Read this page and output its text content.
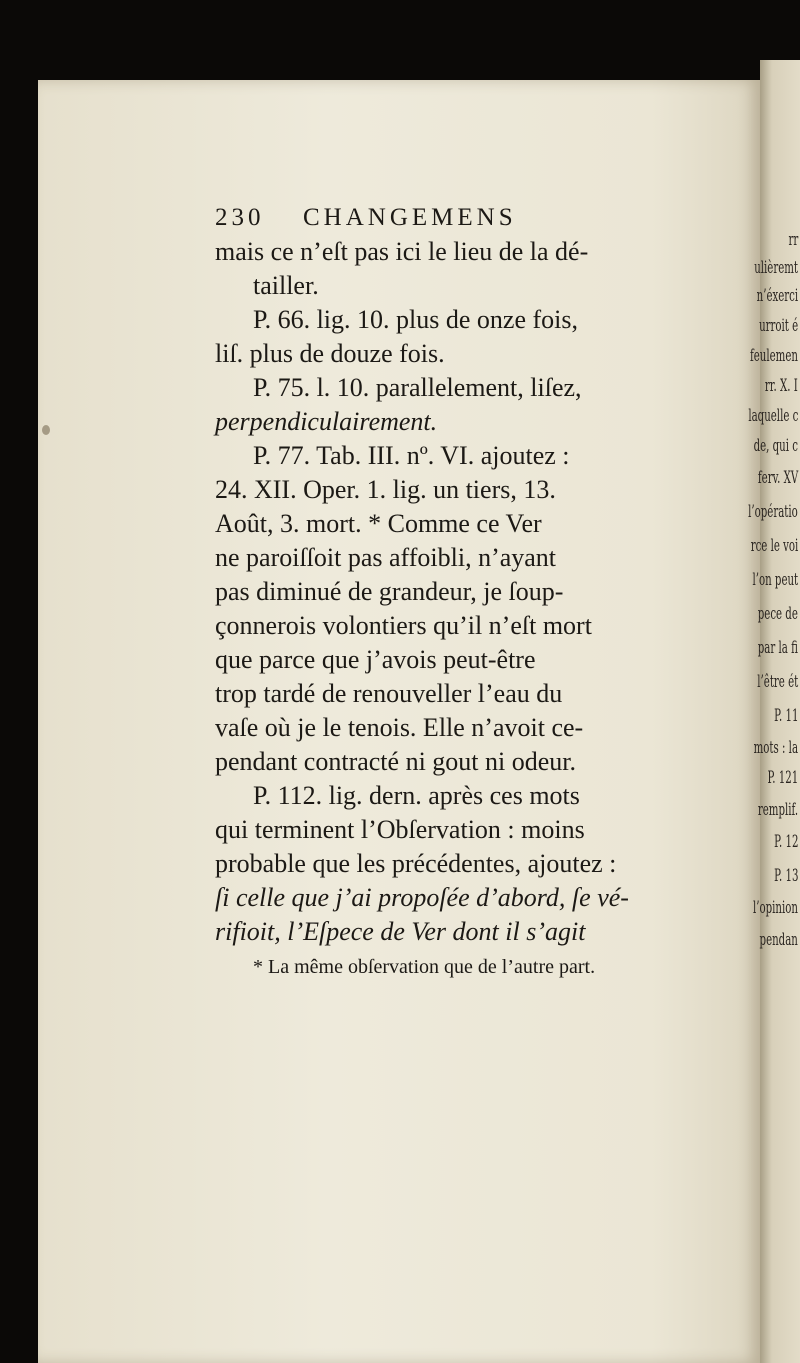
rr
ulièremt
n’éxerci
urroit é
feulemen
rr. X. I
laquelle c
de, qui c
ferv. XV
l’opératio
rce le voi
l’on peut
pece de
par la fi
l’être ét
P. 11
mots : la
P. 121
remplif.
P. 12
P. 13
l’opinion
pendan
230 CHANGEMENS
mais ce n’eſt pas ici le lieu de la dé-
tailler.
P. 66. lig. 10. plus de onze fois,
liſ. plus de douze fois.
P. 75. l. 10. parallelement, liſez,
perpendiculairement.
P. 77. Tab. III. nº. VI. ajoutez :
24. XII. Oper. 1. lig. un tiers, 13.
Août, 3. mort. * Comme ce Ver
ne paroiſſoit pas affoibli, n’ayant
pas diminué de grandeur, je ſoup-
çonnerois volontiers qu’il n’eſt mort
que parce que j’avois peut-être
trop tardé de renouveller l’eau du
vaſe où je le tenois. Elle n’avoit ce-
pendant contracté ni gout ni odeur.
P. 112. lig. dern. après ces mots
qui terminent l’Obſervation : moins
probable que les précédentes, ajoutez :
ſi celle que j’ai propoſée d’abord, ſe vé-
rifioit, l’Eſpece de Ver dont il s’agit
* La même obſervation que de l’autre part.
